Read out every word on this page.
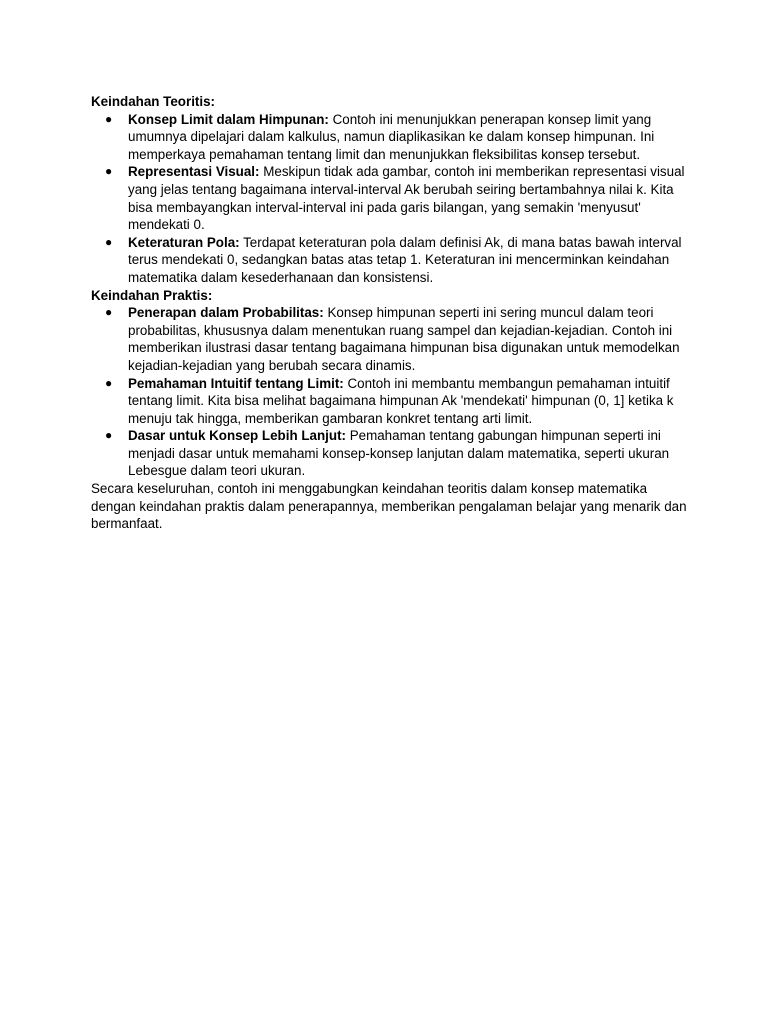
Keindahan Teoritis:

● Konsep Limit dalam Himpunan: Contoh ini menunjukkan penerapan konsep limit yang umumnya dipelajari dalam kalkulus, namun diaplikasikan ke dalam konsep himpunan. Ini memperkaya pemahaman tentang limit dan menunjukkan fleksibilitas konsep tersebut.
● Representasi Visual: Meskipun tidak ada gambar, contoh ini memberikan representasi visual yang jelas tentang bagaimana interval-interval Ak berubah seiring bertambahnya nilai k. Kita bisa membayangkan interval-interval ini pada garis bilangan, yang semakin 'menyusut' mendekati 0.
● Keteraturan Pola: Terdapat keteraturan pola dalam definisi Ak, di mana batas bawah interval terus mendekati 0, sedangkan batas atas tetap 1. Keteraturan ini mencerminkan keindahan matematika dalam kesederhanaan dan konsistensi.

Keindahan Praktis:

● Penerapan dalam Probabilitas: Konsep himpunan seperti ini sering muncul dalam teori probabilitas, khususnya dalam menentukan ruang sampel dan kejadian-kejadian. Contoh ini memberikan ilustrasi dasar tentang bagaimana himpunan bisa digunakan untuk memodelkan kejadian-kejadian yang berubah secara dinamis.
● Pemahaman Intuitif tentang Limit: Contoh ini membantu membangun pemahaman intuitif tentang limit. Kita bisa melihat bagaimana himpunan Ak 'mendekati' himpunan (0, 1] ketika k menuju tak hingga, memberikan gambaran konkret tentang arti limit.
● Dasar untuk Konsep Lebih Lanjut: Pemahaman tentang gabungan himpunan seperti ini menjadi dasar untuk memahami konsep-konsep lanjutan dalam matematika, seperti ukuran Lebesgue dalam teori ukuran.

Secara keseluruhan, contoh ini menggabungkan keindahan teoritis dalam konsep matematika dengan keindahan praktis dalam penerapannya, memberikan pengalaman belajar yang menarik dan bermanfaat.
